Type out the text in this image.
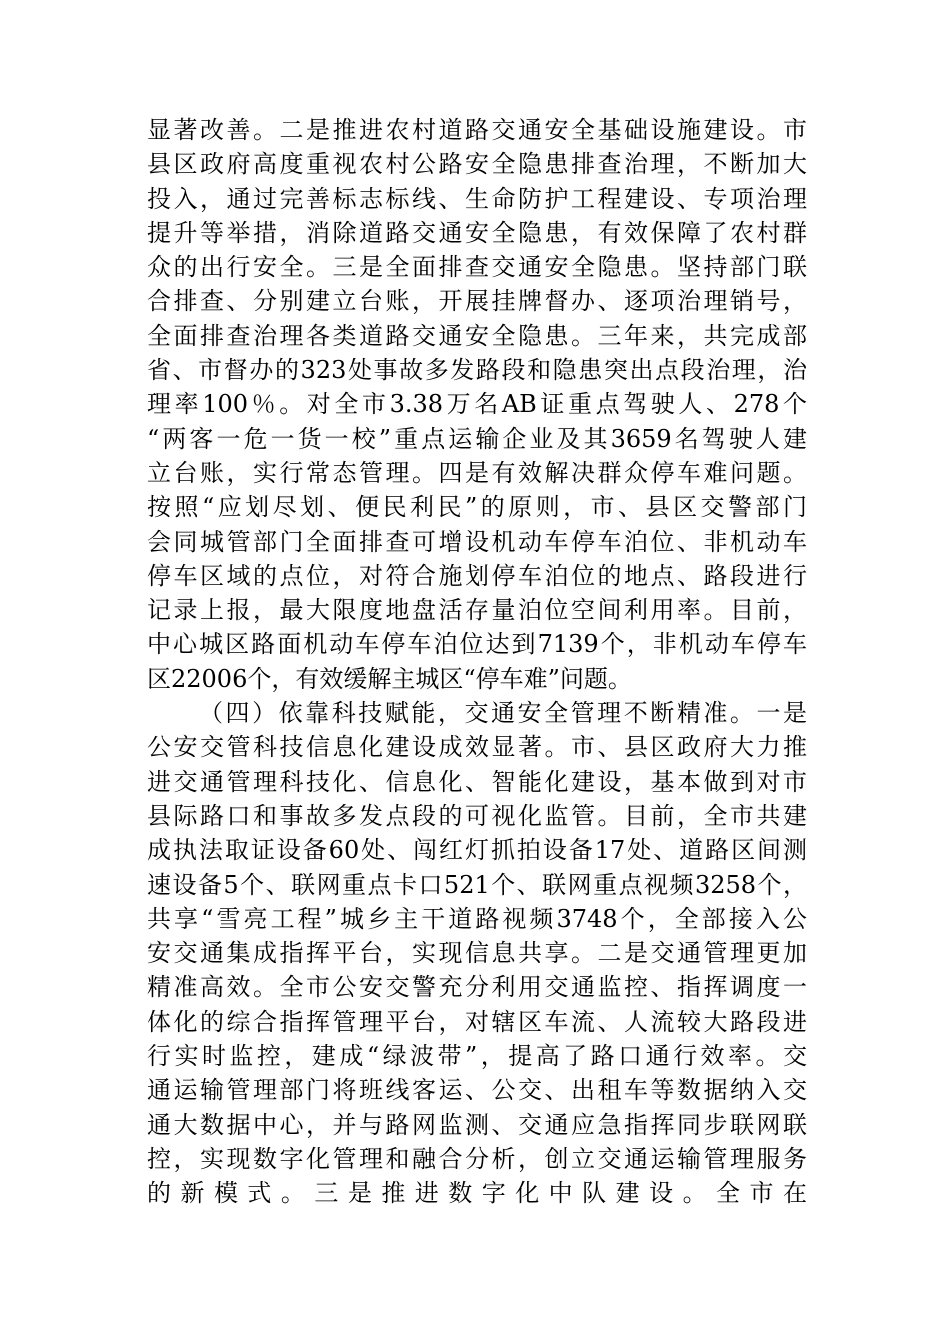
显著改善。二是推进农村道路交通安全基础设施建设。市
县区政府高度重视农村公路安全隐患排查治理，不断加大
投入，通过完善标志标线、生命防护工程建设、专项治理
提升等举措，消除道路交通安全隐患，有效保障了农村群
众的出行安全。三是全面排查交通安全隐患。坚持部门联
合排查、分别建立台账，开展挂牌督办、逐项治理销号，
全面排查治理各类道路交通安全隐患。三年来，共完成部
省、市督办的323处事故多发路段和隐患突出点段治理，治
理率100％。对全市3.38万名AB证重点驾驶人、278个
“两客一危一货一校”重点运输企业及其3659名驾驶人建
立台账，实行常态管理。四是有效解决群众停车难问题。
按照“应划尽划、便民利民”的原则，市、县区交警部门
会同城管部门全面排查可增设机动车停车泊位、非机动车
停车区域的点位，对符合施划停车泊位的地点、路段进行
记录上报，最大限度地盘活存量泊位空间利用率。目前，
中心城区路面机动车停车泊位达到7139个，非机动车停车
区22006个，有效缓解主城区“停车难”问题。
（四）依靠科技赋能，交通安全管理不断精准。一是
公安交管科技信息化建设成效显著。市、县区政府大力推
进交通管理科技化、信息化、智能化建设，基本做到对市
县际路口和事故多发点段的可视化监管。目前，全市共建
成执法取证设备60处、闯红灯抓拍设备17处、道路区间测
速设备5个、联网重点卡口521个、联网重点视频3258个，
共享“雪亮工程”城乡主干道路视频3748个，全部接入公
安交通集成指挥平台，实现信息共享。二是交通管理更加
精准高效。全市公安交警充分利用交通监控、指挥调度一
体化的综合指挥管理平台，对辖区车流、人流较大路段进
行实时监控，建成“绿波带”，提高了路口通行效率。交
通运输管理部门将班线客运、公交、出租车等数据纳入交
通大数据中心，并与路网监测、交通应急指挥同步联网联
控，实现数字化管理和融合分析，创立交通运输管理服务
的新模式。三是推进数字化中队建设。全市在
